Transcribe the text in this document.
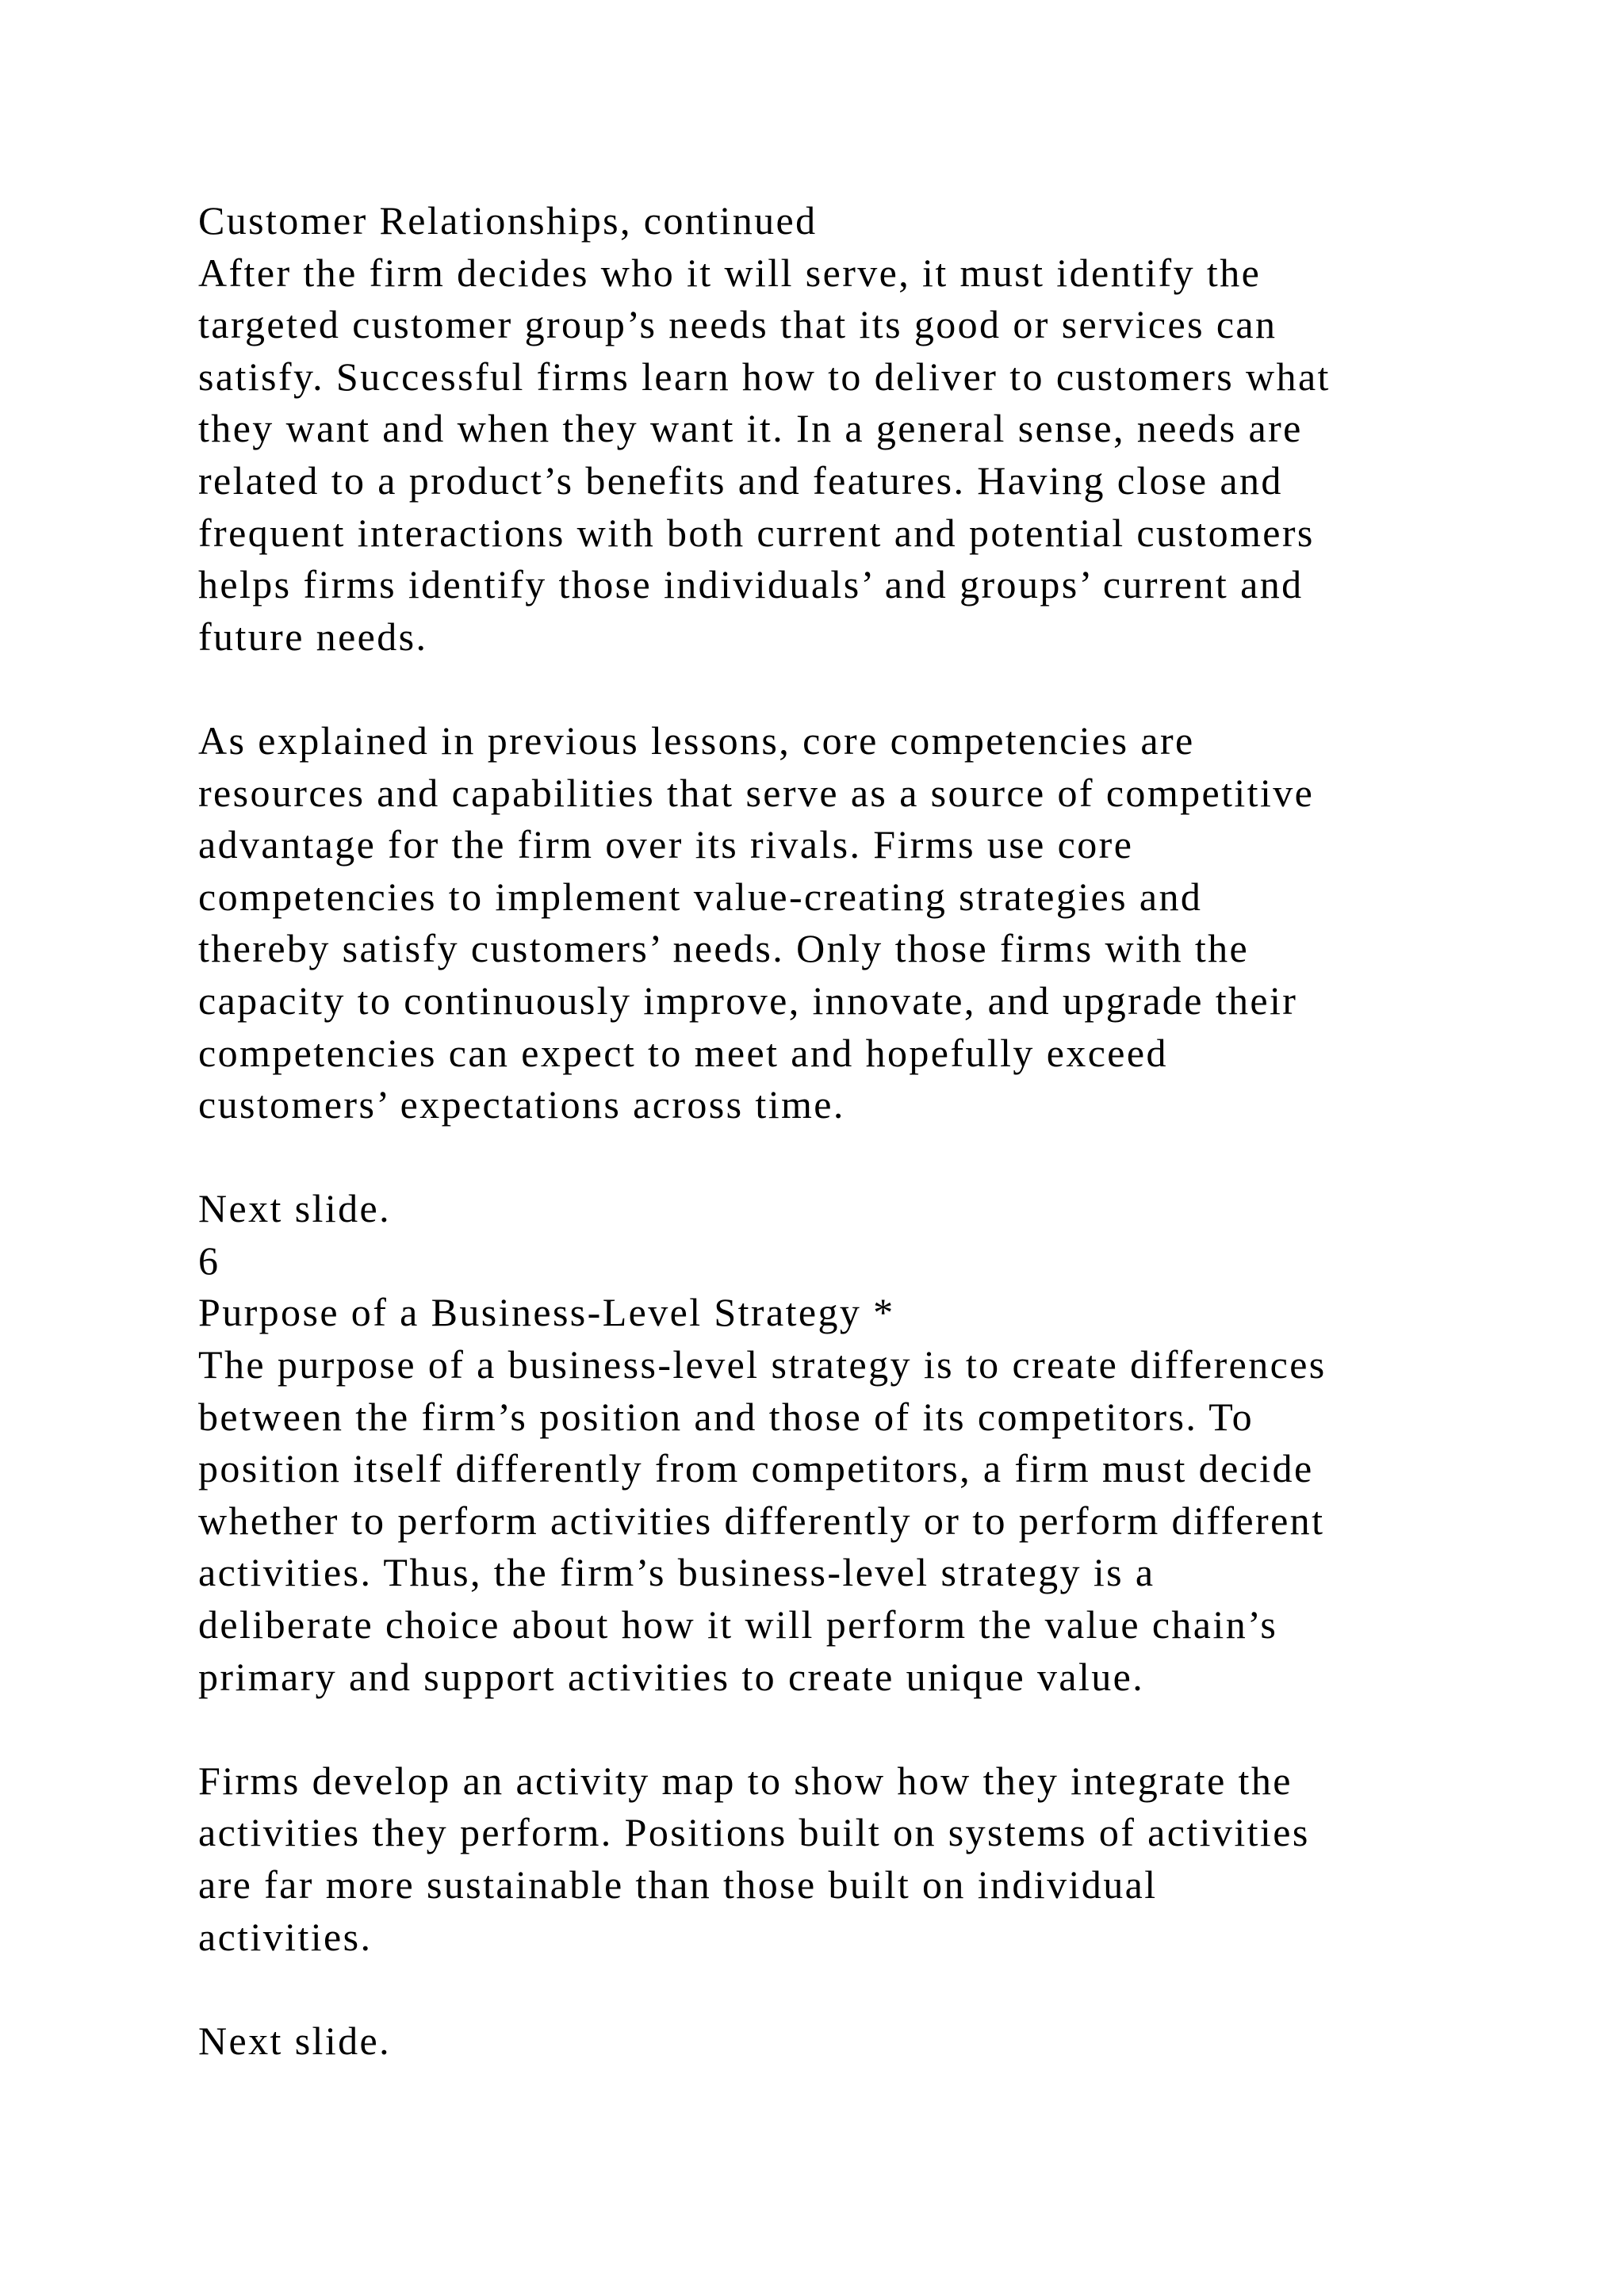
Customer Relationships, continued
After the firm decides who it will serve, it must identify the
targeted customer group’s needs that its good or services can
satisfy. Successful firms learn how to deliver to customers what
they want and when they want it. In a general sense, needs are
related to a product’s benefits and features. Having close and
frequent interactions with both current and potential customers
helps firms identify those individuals’ and groups’ current and
future needs.
As explained in previous lessons, core competencies are
resources and capabilities that serve as a source of competitive
advantage for the firm over its rivals. Firms use core
competencies to implement value-creating strategies and
thereby satisfy customers’ needs. Only those firms with the
capacity to continuously improve, innovate, and upgrade their
competencies can expect to meet and hopefully exceed
customers’ expectations across time.
Next slide.
6
Purpose of a Business-Level Strategy *
The purpose of a business-level strategy is to create differences
between the firm’s position and those of its competitors. To
position itself differently from competitors, a firm must decide
whether to perform activities differently or to perform different
activities. Thus, the firm’s business-level strategy is a
deliberate choice about how it will perform the value chain’s
primary and support activities to create unique value.
Firms develop an activity map to show how they integrate the
activities they perform. Positions built on systems of activities
are far more sustainable than those built on individual
activities.
Next slide.
